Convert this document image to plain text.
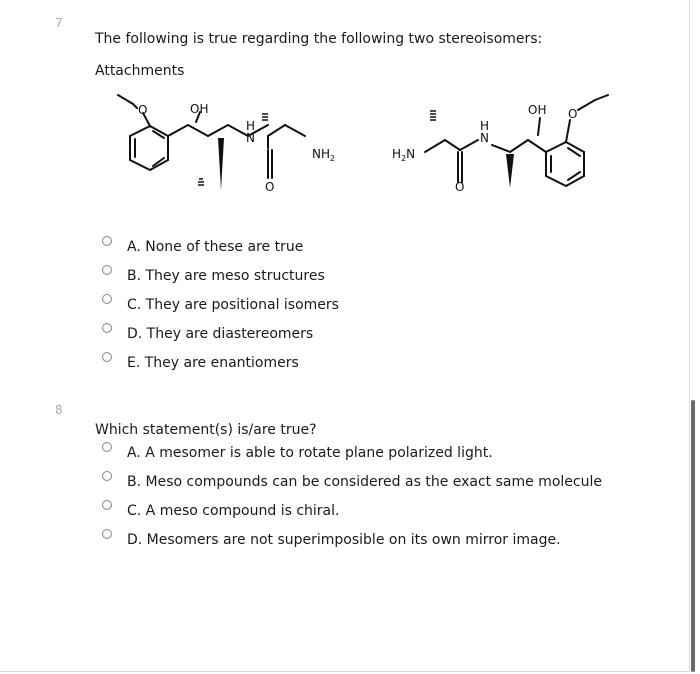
7
The following is true regarding the following two stereoisomers:
Attachments
O	OH
H
N
O
$NH_2$	$H_2N$
O
H
N
OH O
A. None of these are true
B. They are meso structures
C. They are positional isomers
D. They are diastereomers
E. They are enantiomers
8
Which statement(s) is/are true?
A. A mesomer is able to rotate plane polarized light.
B. Meso compounds can be considered as the exact same molecule
C. A meso compound is chiral.
D. Mesomers are not superimposible on its own mirror image.
